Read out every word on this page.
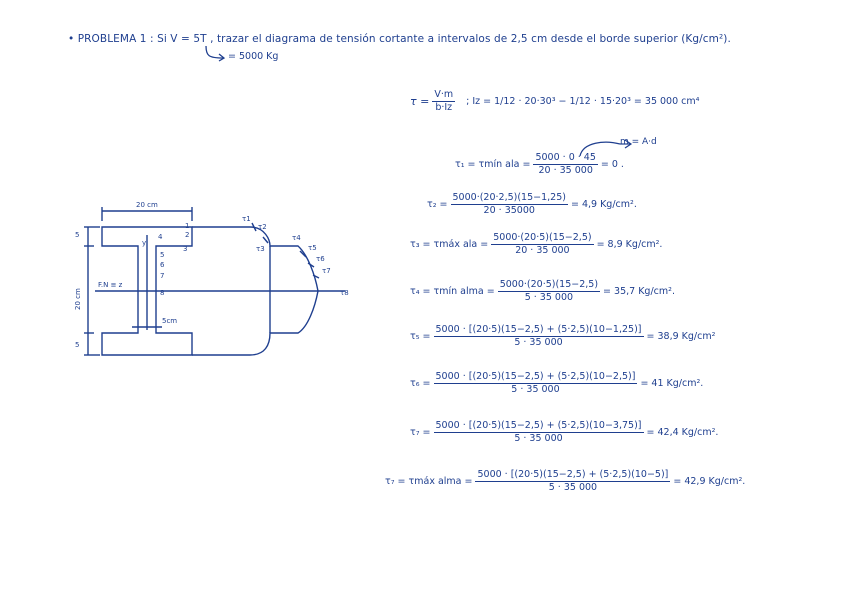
• PROBLEMA 1 : Si V = 5T , trazar el diagrama de tensión cortante a intervalos de 2,5 cm desde el borde superior (Kg/cm²).
= 5000 Kg
$\tau = \frac{V\cdot m}{b\cdot Iz}$ ; Iz = 1/12 · 20·30³ − 1/12 · 15·20³ = 35 000 cm⁴
m = A·d
τ₁ = τmín ala = $\frac{5000 \cdot 0 \cdot 45}{20 \cdot 35 000} = 0$ .
$\tau_2 = \frac{5000\cdot(20\cdot 2,5)(15-1,25)}{20 \cdot 35000} = 4,9$ Kg/cm².
τ₃ = τmáx ala = $\frac{5000\cdot(20\cdot 5)(15-2,5)}{20 \cdot 35 000} = 8,9$ Kg/cm².
τ₄ = τmín alma = $\frac{5000\cdot(20\cdot 5)(15-2,5)}{5 \cdot 35 000} = 35,7$ Kg/cm².
$\tau_5 = \frac{5000 \cdot [(20\cdot 5)(15-2,5) + (5\cdot 2,5)(10-1,25)]}{5 \cdot 35 000} = 38,9$ Kg/cm²
$\tau_6 = \frac{5000 \cdot [(20\cdot 5)(15-2,5) + (5\cdot 2,5)(10-2,5)]}{5 \cdot 35 000} = 41$ Kg/cm².
$\tau_7 = \frac{5000 \cdot [(20\cdot 5)(15-2,5) + (5\cdot 2,5)(10-3,75)]}{5 \cdot 35 000} = 42,4$ Kg/cm².
τ₇ = τmáx alma = $\frac{5000 \cdot [(20\cdot 5)(15-2,5) + (5\cdot 2,5)(10-5)]}{5 \cdot 35 000} = 42,9$ Kg/cm².
20 cm
5
5
20 cm
y
F.N ≡ z
5cm
1
2
3
4
5
6
7
8
τ1
τ2
τ3
τ4
τ5
τ6
τ7
τ8
